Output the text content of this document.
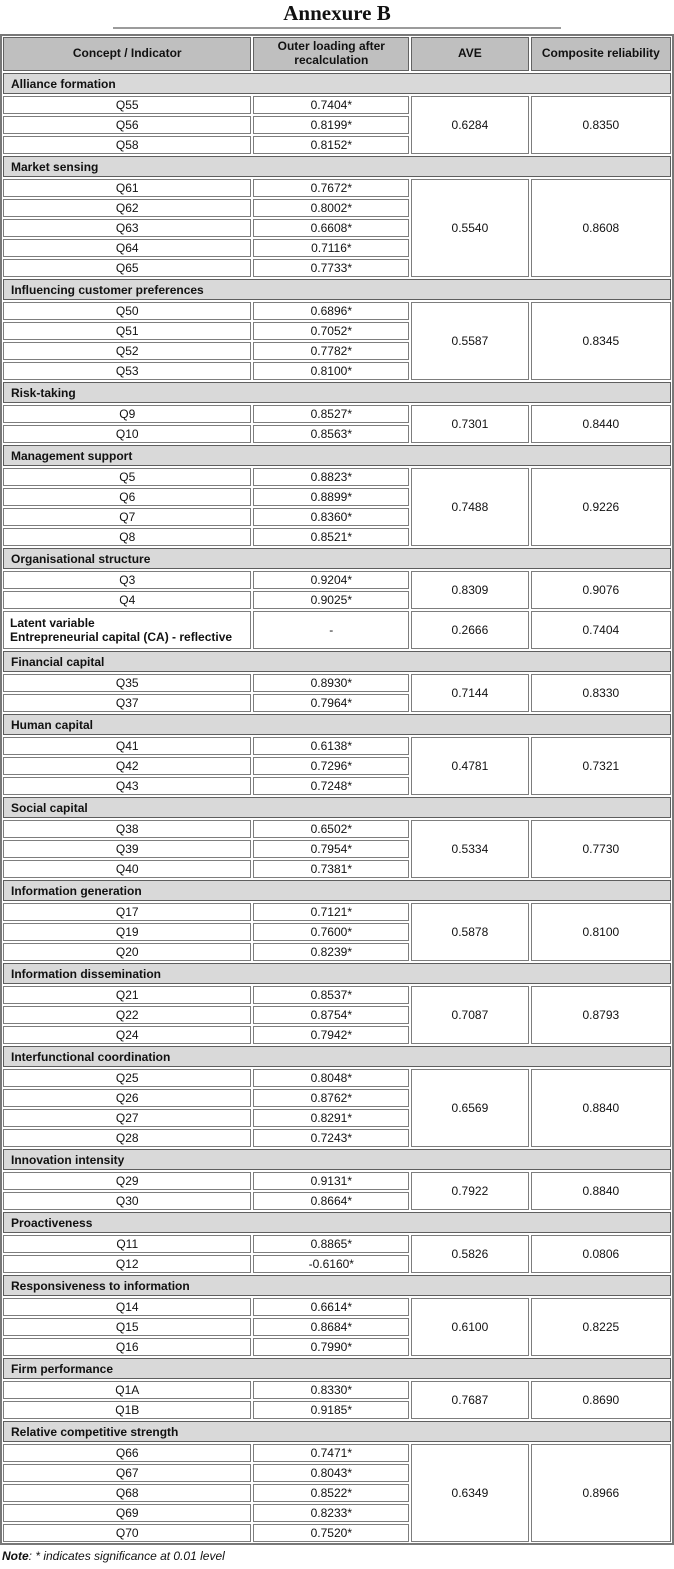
Annexure B
Concept / Indicator	Outer loading after recalculation	AVE	Composite reliability
Alliance formation
Q55	0.7404*
Q56	0.8199*
Q58	0.8152*
0.6284	0.8350
Market sensing
Q61	0.7672*
Q62	0.8002*
Q63	0.6608*
Q64	0.7116*
Q65	0.7733*
0.5540	0.8608
Influencing customer preferences
Q50	0.6896*
Q51	0.7052*
Q52	0.7782*
Q53	0.8100*
0.5587	0.8345
Risk-taking
Q9	0.8527*
Q10	0.8563*
0.7301	0.8440
Management support
Q5	0.8823*
Q6	0.8899*
Q7	0.8360*
Q8	0.8521*
0.7488	0.9226
Organisational structure
Q3	0.9204*
Q4	0.9025*
0.8309	0.9076
Latent variable
Entrepreneurial capital (CA) - reflective	-	0.2666	0.7404
Financial capital
Q35	0.8930*
Q37	0.7964*
0.7144	0.8330
Human capital
Q41	0.6138*
Q42	0.7296*
Q43	0.7248*
0.4781	0.7321
Social capital
Q38	0.6502*
Q39	0.7954*
Q40	0.7381*
0.5334	0.7730
Information generation
Q17	0.7121*
Q19	0.7600*
Q20	0.8239*
0.5878	0.8100
Information dissemination
Q21	0.8537*
Q22	0.8754*
Q24	0.7942*
0.7087	0.8793
Interfunctional coordination
Q25	0.8048*
Q26	0.8762*
Q27	0.8291*
Q28	0.7243*
0.6569	0.8840
Innovation intensity
Q29	0.9131*
Q30	0.8664*
0.7922	0.8840
Proactiveness
Q11	0.8865*
Q12	-0.6160*
0.5826	0.0806
Responsiveness to information
Q14	0.6614*
Q15	0.8684*
Q16	0.7990*
0.6100	0.8225
Firm performance
Q1A	0.8330*
Q1B	0.9185*
0.7687	0.8690
Relative competitive strength
Q66	0.7471*
Q67	0.8043*
Q68	0.8522*
Q69	0.8233*
Q70	0.7520*
0.6349	0.8966
Note: * indicates significance at 0.01 level
